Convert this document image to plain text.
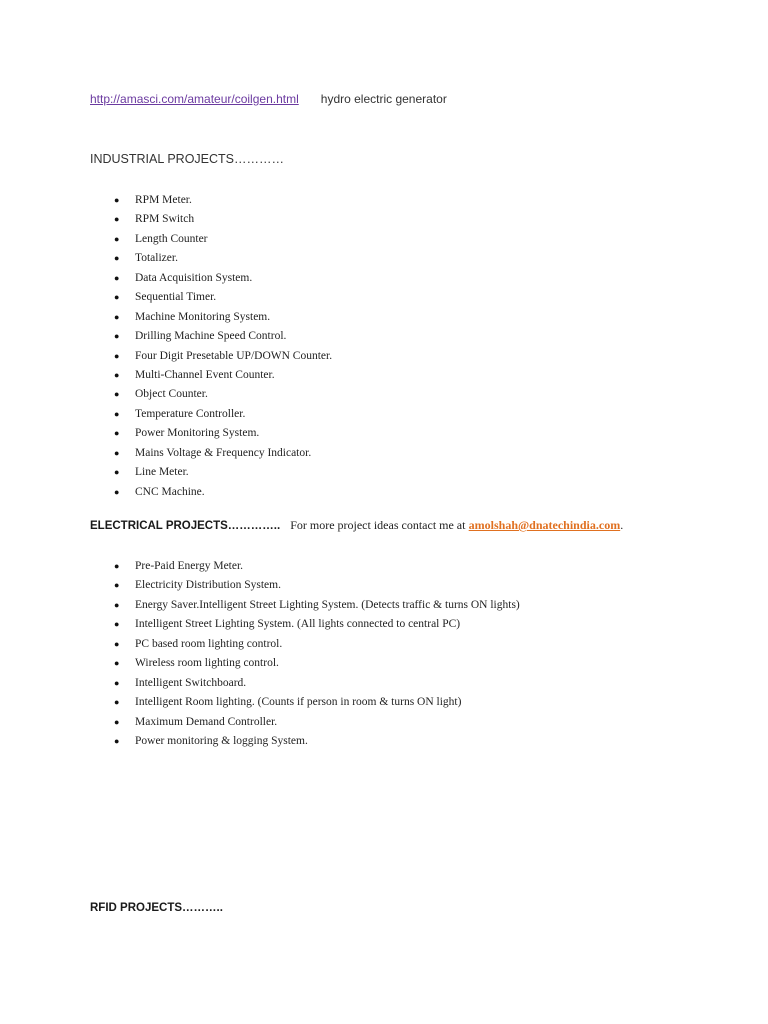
http://amasci.com/amateur/coilgen.html hydro electric generator
INDUSTRIAL PROJECTS…………
● RPM Meter.
● RPM Switch
● Length Counter
● Totalizer.
● Data Acquisition System.
● Sequential Timer.
● Machine Monitoring System.
● Drilling Machine Speed Control.
● Four Digit Presetable UP/DOWN Counter.
● Multi-Channel Event Counter.
● Object Counter.
● Temperature Controller.
● Power Monitoring System.
● Mains Voltage & Frequency Indicator.
● Line Meter.
● CNC Machine.
ELECTRICAL PROJECTS………….. For more project ideas contact me at amolshah@dnatechindia.com.
● Pre-Paid Energy Meter.
● Electricity Distribution System.
● Energy Saver.Intelligent Street Lighting System. (Detects traffic & turns ON lights)
● Intelligent Street Lighting System. (All lights connected to central PC)
● PC based room lighting control.
● Wireless room lighting control.
● Intelligent Switchboard.
● Intelligent Room lighting. (Counts if person in room & turns ON light)
● Maximum Demand Controller.
● Power monitoring & logging System.
RFID PROJECTS………..
